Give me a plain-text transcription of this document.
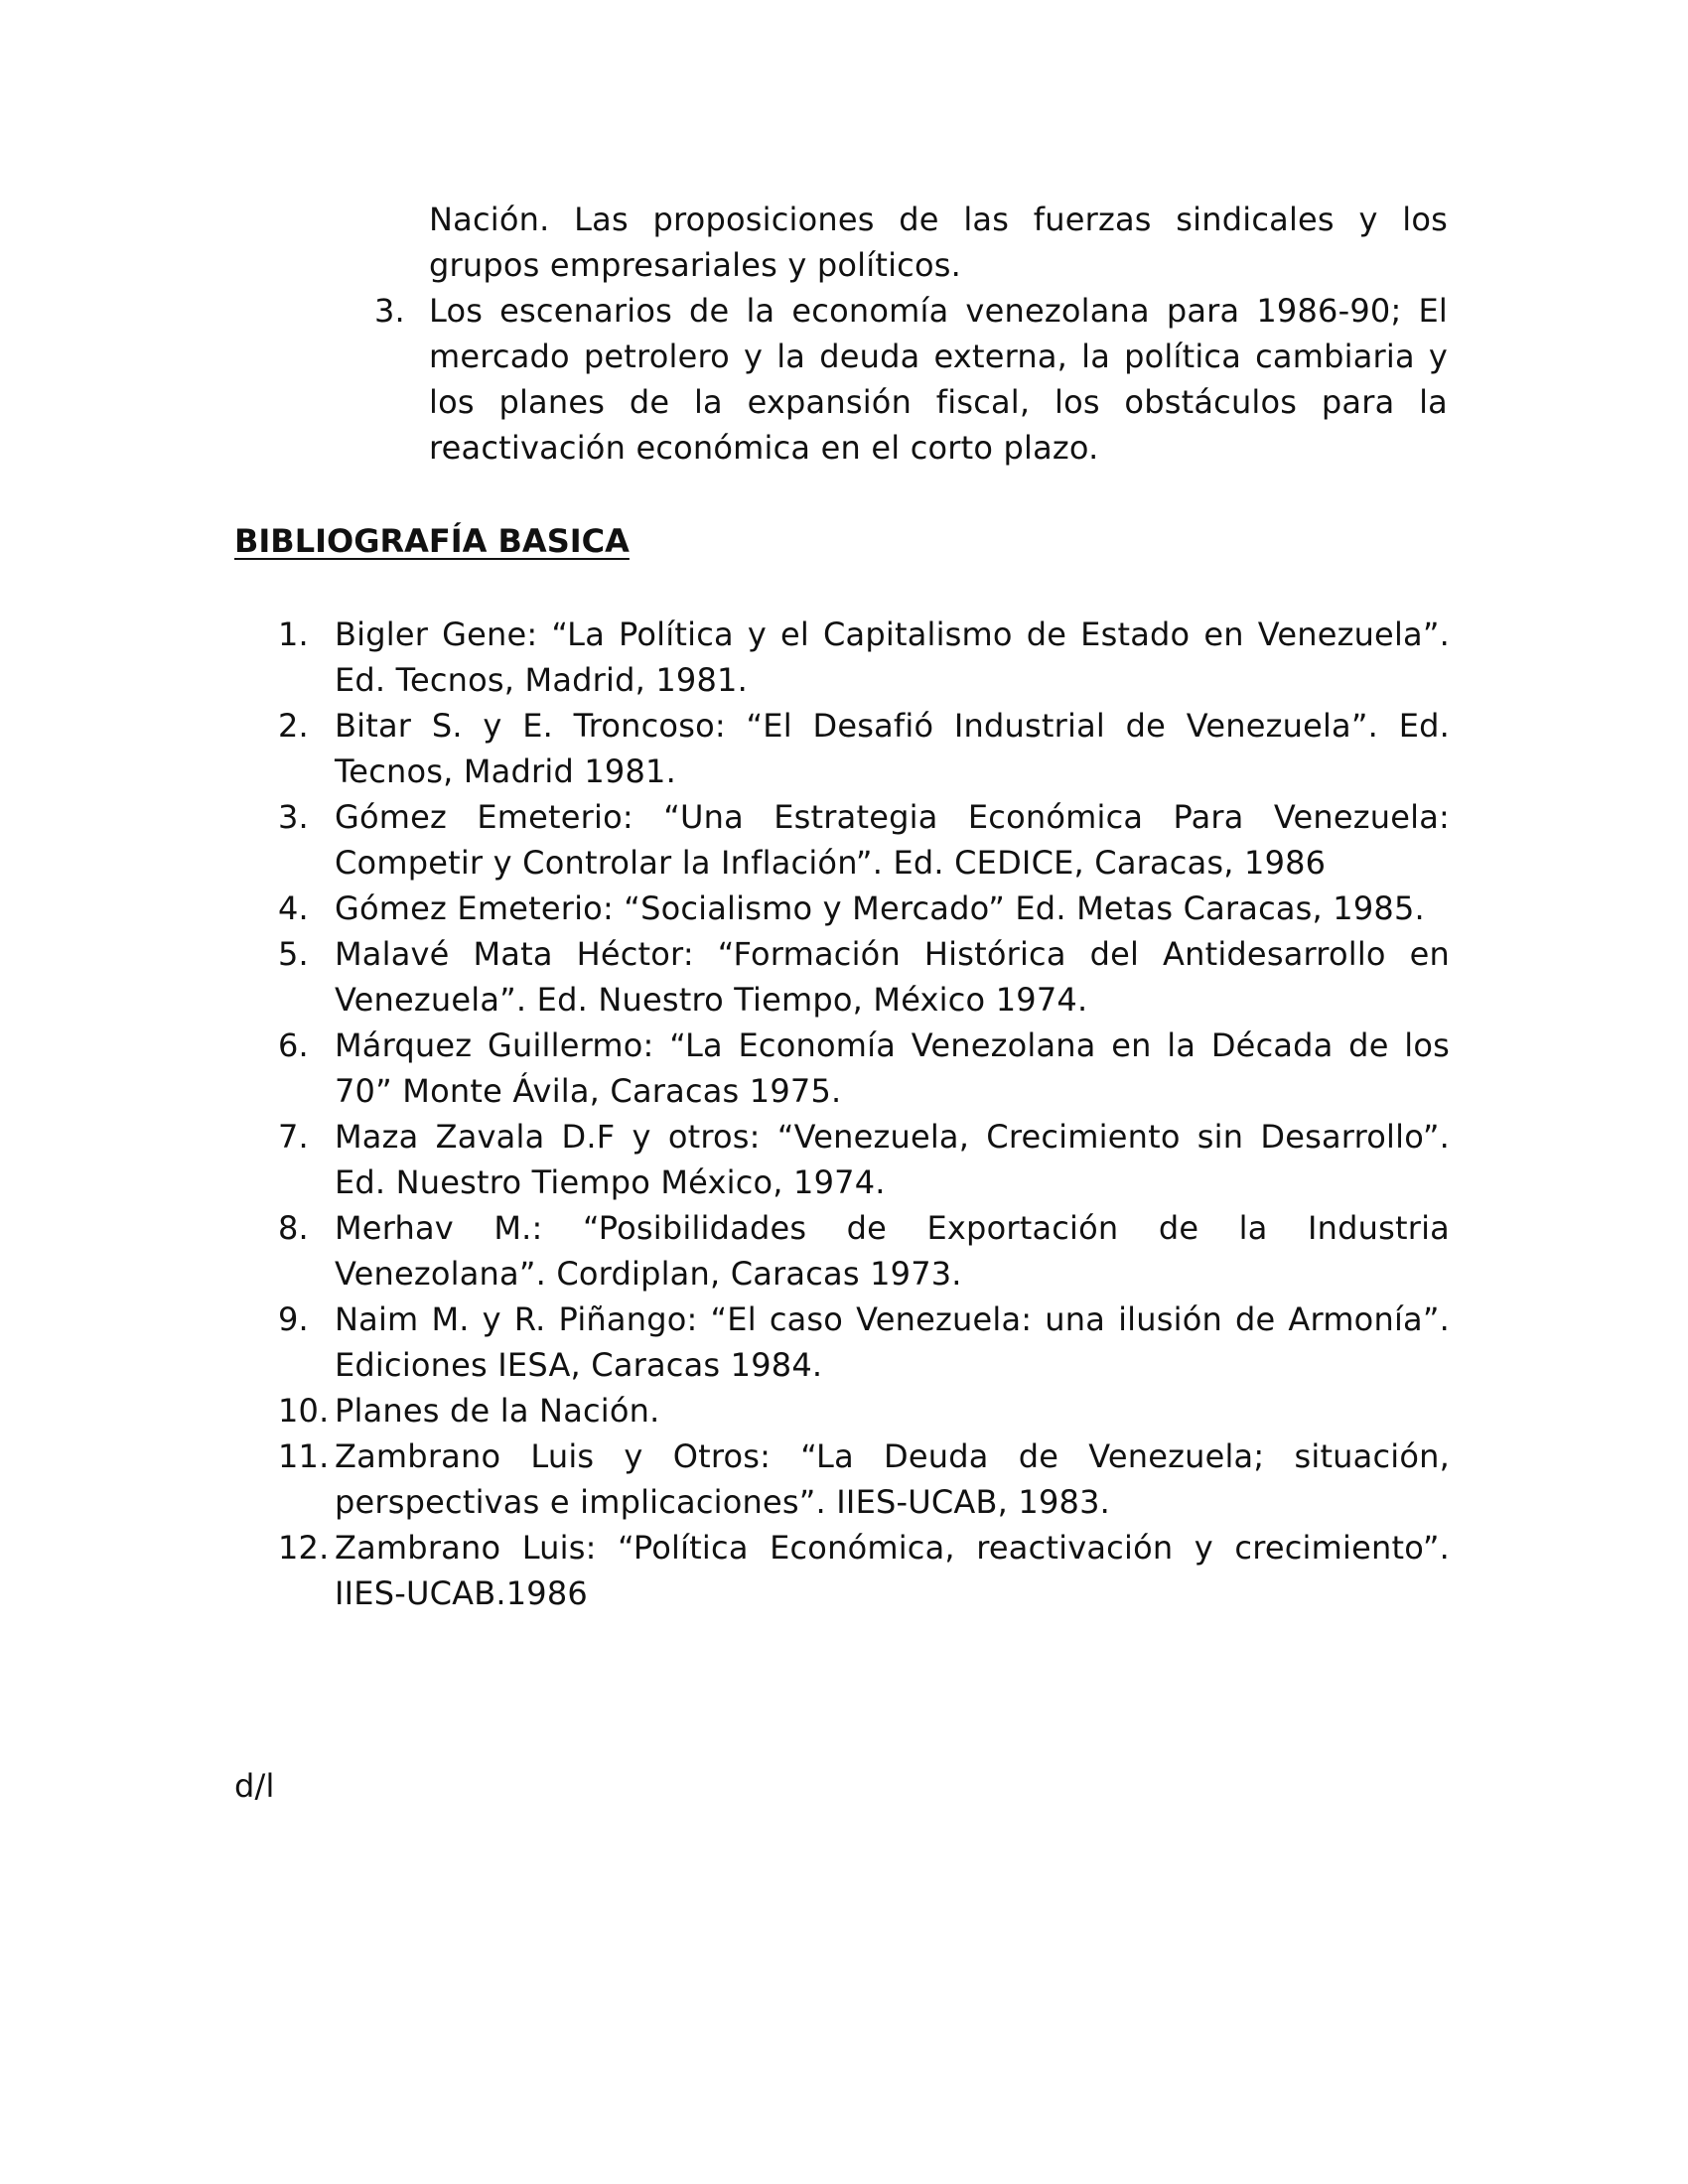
Nación. Las proposiciones de las fuerzas sindicales y los grupos empresariales y políticos.
3. Los escenarios de la economía venezolana para 1986-90; El mercado petrolero y la deuda externa, la política cambiaria y los planes de la expansión fiscal, los obstáculos para la reactivación económica en el corto plazo.
BIBLIOGRAFÍA BASICA
1. Bigler Gene: “La Política y el Capitalismo de Estado en Venezuela”. Ed. Tecnos, Madrid, 1981.
2. Bitar S. y E. Troncoso: “El Desafió Industrial de Venezuela”. Ed. Tecnos, Madrid 1981.
3. Gómez Emeterio: “Una Estrategia Económica Para Venezuela: Competir y Controlar la Inflación”. Ed. CEDICE, Caracas, 1986
4. Gómez Emeterio: “Socialismo y Mercado” Ed. Metas Caracas, 1985.
5. Malavé Mata Héctor: “Formación Histórica del Antidesarrollo en Venezuela”. Ed. Nuestro Tiempo, México 1974.
6. Márquez Guillermo: “La Economía Venezolana en la Década de los 70” Monte Ávila, Caracas 1975.
7. Maza Zavala D.F y otros: “Venezuela, Crecimiento sin Desarrollo”. Ed. Nuestro Tiempo México, 1974.
8. Merhav M.: “Posibilidades de Exportación de la Industria Venezolana”. Cordiplan, Caracas 1973.
9. Naim M. y R. Piñango: “El caso Venezuela: una ilusión de Armonía”. Ediciones IESA, Caracas 1984.
10. Planes de la Nación.
11. Zambrano Luis y Otros: “La Deuda de Venezuela; situación, perspectivas e implicaciones”. IIES-UCAB, 1983.
12. Zambrano Luis: “Política Económica, reactivación y crecimiento”. IIES-UCAB.1986
d/l
